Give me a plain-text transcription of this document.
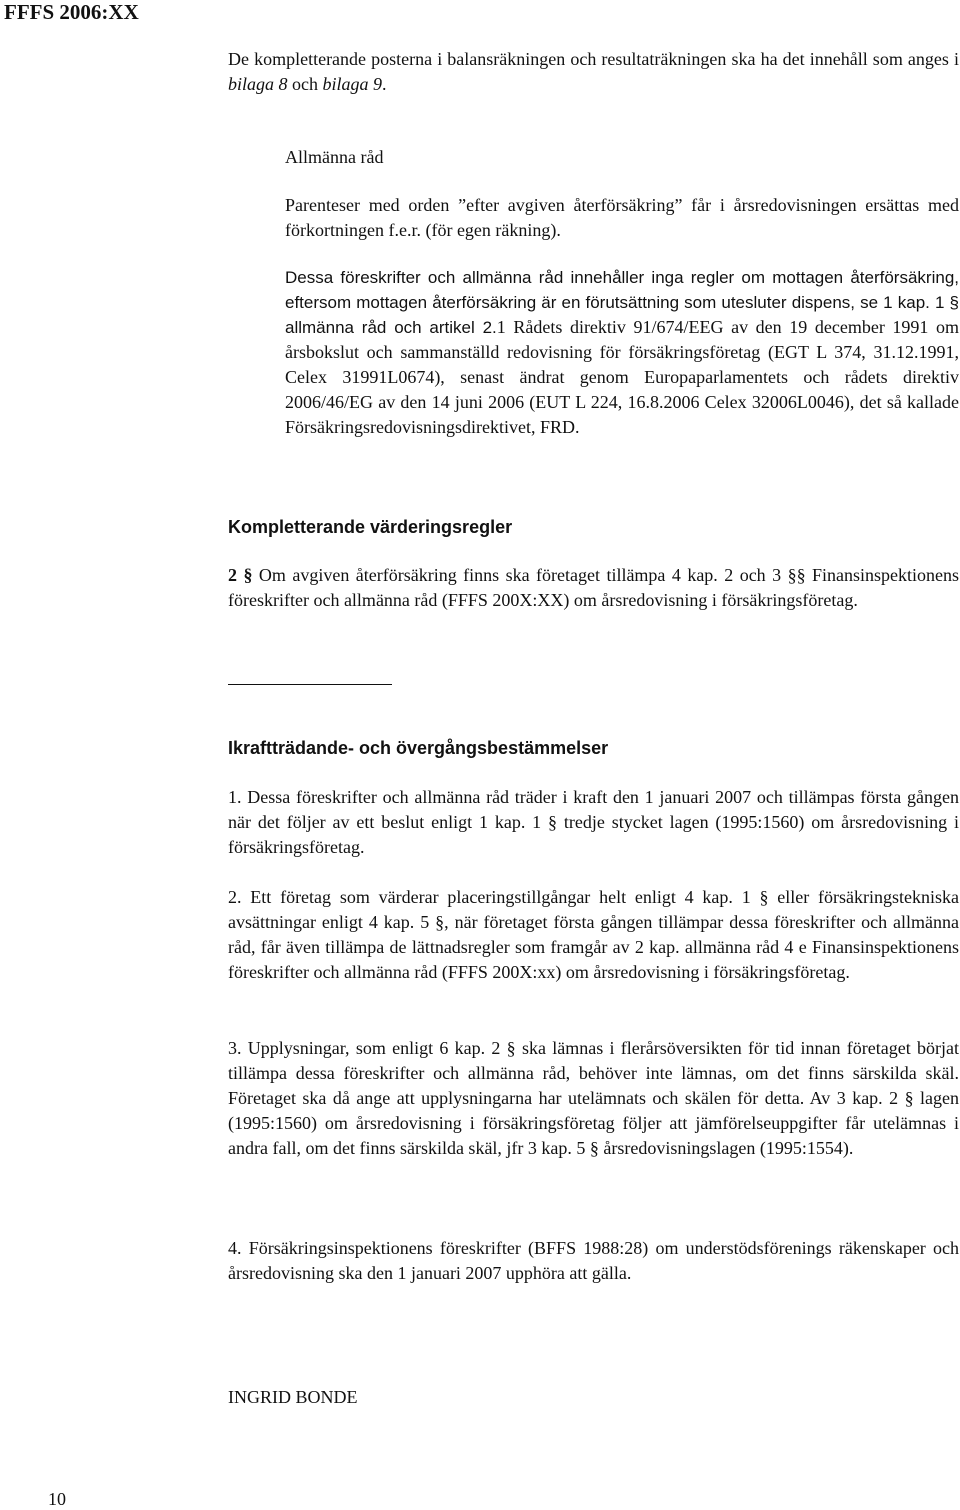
FFFS 2006:XX

De kompletterande posterna i balansräkningen och resultaträkningen ska ha det innehåll som anges i bilaga 8 och bilaga 9.

Allmänna råd

Parenteser med orden ”efter avgiven återförsäkring” får i årsredovisningen ersättas med förkortningen f.e.r. (för egen räkning).

Dessa föreskrifter och allmänna råd innehåller inga regler om mottagen återförsäkring, eftersom mottagen återförsäkring är en förutsättning som utesluter dispens, se 1 kap. 1 § allmänna råd och artikel 2.1 Rådets direktiv 91/674/EEG av den 19 december 1991 om årsbokslut och sammanställd redovisning för försäkringsföretag (EGT L 374, 31.12.1991, Celex 31991L0674), senast ändrat genom Europaparlamentets och rådets direktiv 2006/46/EG av den 14 juni 2006 (EUT L 224, 16.8.2006 Celex 32006L0046), det så kallade Försäkringsredovisningsdirektivet, FRD.

Kompletterande värderingsregler

2 § Om avgiven återförsäkring finns ska företaget tillämpa 4 kap. 2 och 3 §§ Finansinspektionens föreskrifter och allmänna råd (FFFS 200X:XX) om årsredovisning i försäkringsföretag.

Ikraftträdande- och övergångsbestämmelser

1. Dessa föreskrifter och allmänna råd träder i kraft den 1 januari 2007 och tillämpas första gången när det följer av ett beslut enligt 1 kap. 1 § tredje stycket lagen (1995:1560) om årsredovisning i försäkringsföretag.

2. Ett företag som värderar placeringstillgångar helt enligt 4 kap. 1 § eller försäkringstekniska avsättningar enligt 4 kap. 5 §, när företaget första gången tillämpar dessa föreskrifter och allmänna råd, får även tillämpa de lättnadsregler som framgår av 2 kap. allmänna råd 4 e Finansinspektionens föreskrifter och allmänna råd (FFFS 200X:xx) om årsredovisning i försäkringsföretag.

3. Upplysningar, som enligt 6 kap. 2 § ska lämnas i flerårsöversikten för tid innan företaget börjat tillämpa dessa föreskrifter och allmänna råd, behöver inte lämnas, om det finns särskilda skäl. Företaget ska då ange att upplysningarna har utelämnats och skälen för detta. Av 3 kap. 2 § lagen (1995:1560) om årsredovisning i försäkringsföretag följer att jämförelseuppgifter får utelämnas i andra fall, om det finns särskilda skäl, jfr 3 kap. 5 § årsredovisningslagen (1995:1554).

4. Försäkringsinspektionens föreskrifter (BFFS 1988:28) om understödsförenings räkenskaper och årsredovisning ska den 1 januari 2007 upphöra att gälla.

INGRID BONDE

10
